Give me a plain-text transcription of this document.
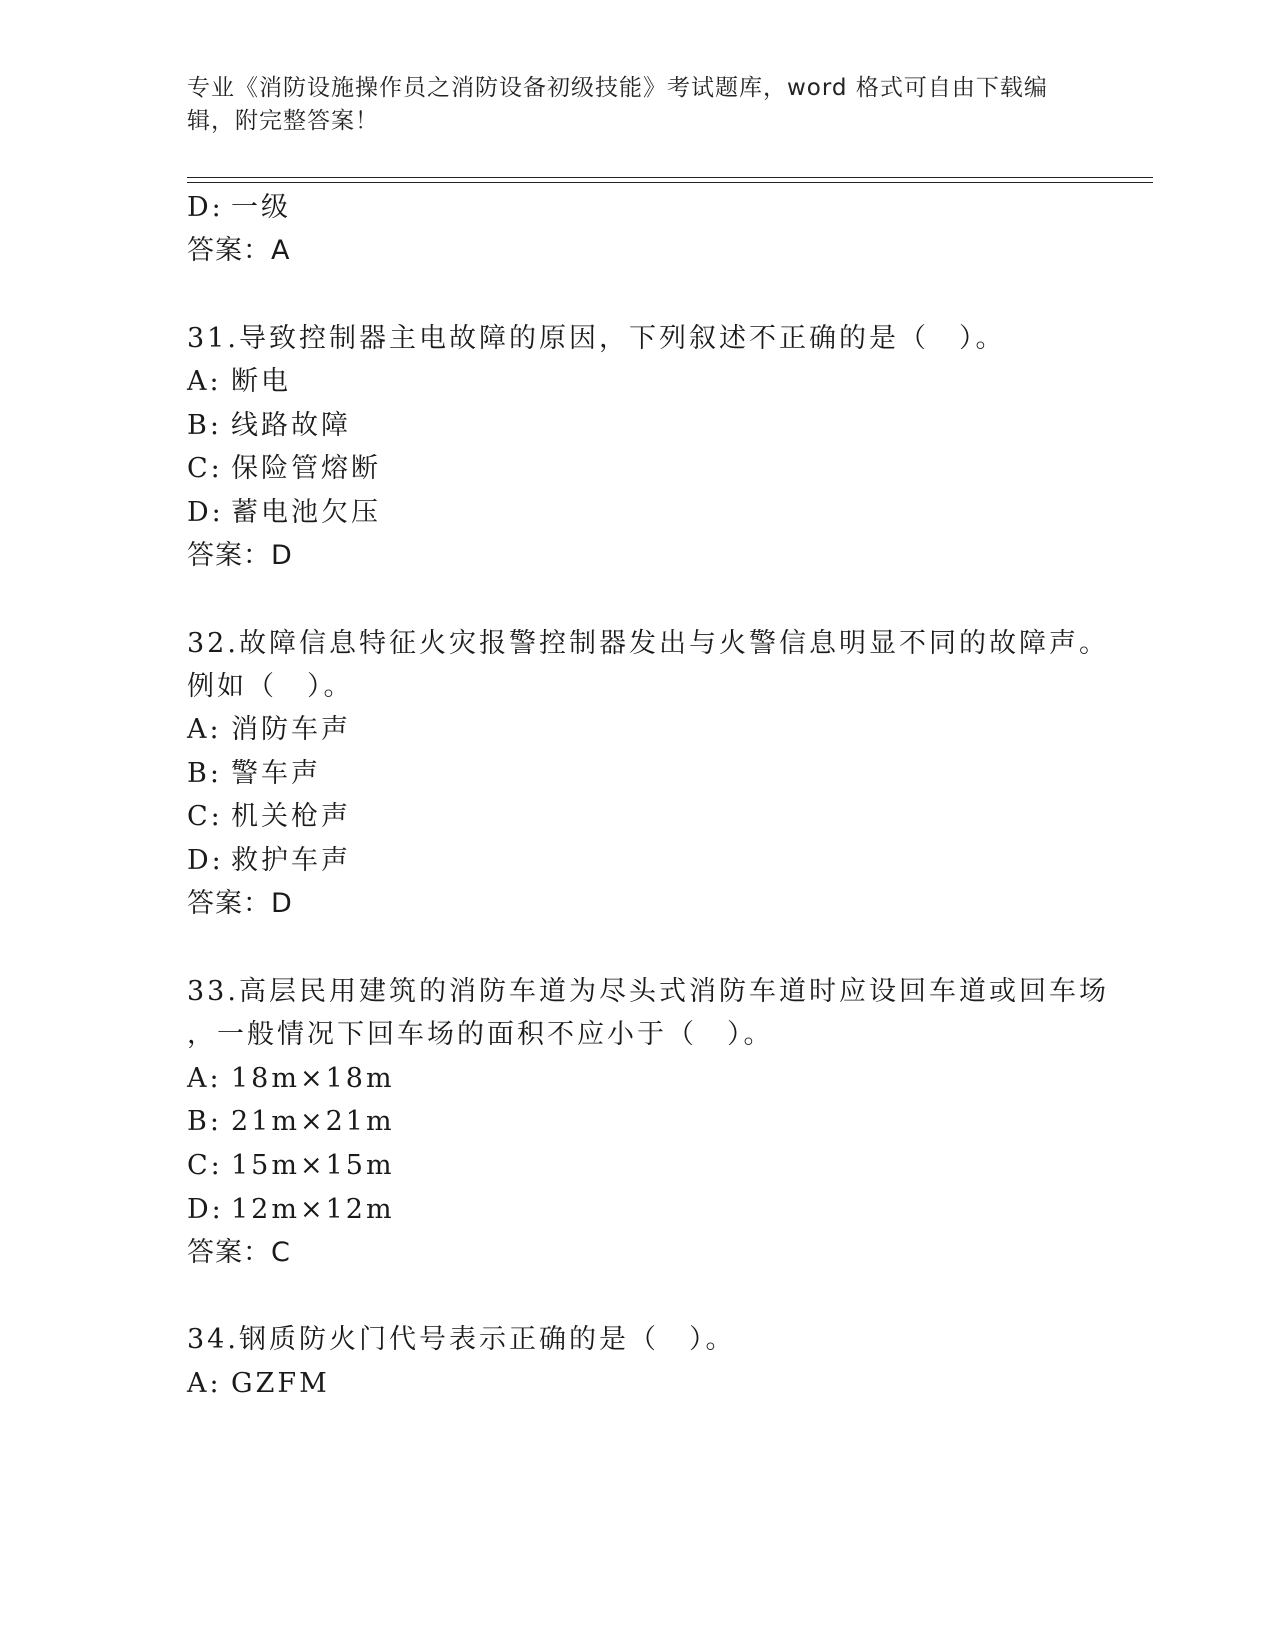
专业《消防设施操作员之消防设备初级技能》考试题库，word 格式可自由下载编
辑，附完整答案！
D: 一级
答案：A
31.导致控制器主电故障的原因，下列叙述不正确的是（　）。
A: 断电
B: 线路故障
C: 保险管熔断
D: 蓄电池欠压
答案：D
32.故障信息特征火灾报警控制器发出与火警信息明显不同的故障声。
例如（　）。
A: 消防车声
B: 警车声
C: 机关枪声
D: 救护车声
答案：D
33.高层民用建筑的消防车道为尽头式消防车道时应设回车道或回车场
，一般情况下回车场的面积不应小于（　）。
A: 18m×18m
B: 21m×21m
C: 15m×15m
D: 12m×12m
答案：C
34.钢质防火门代号表示正确的是（　）。
A: GZFM
